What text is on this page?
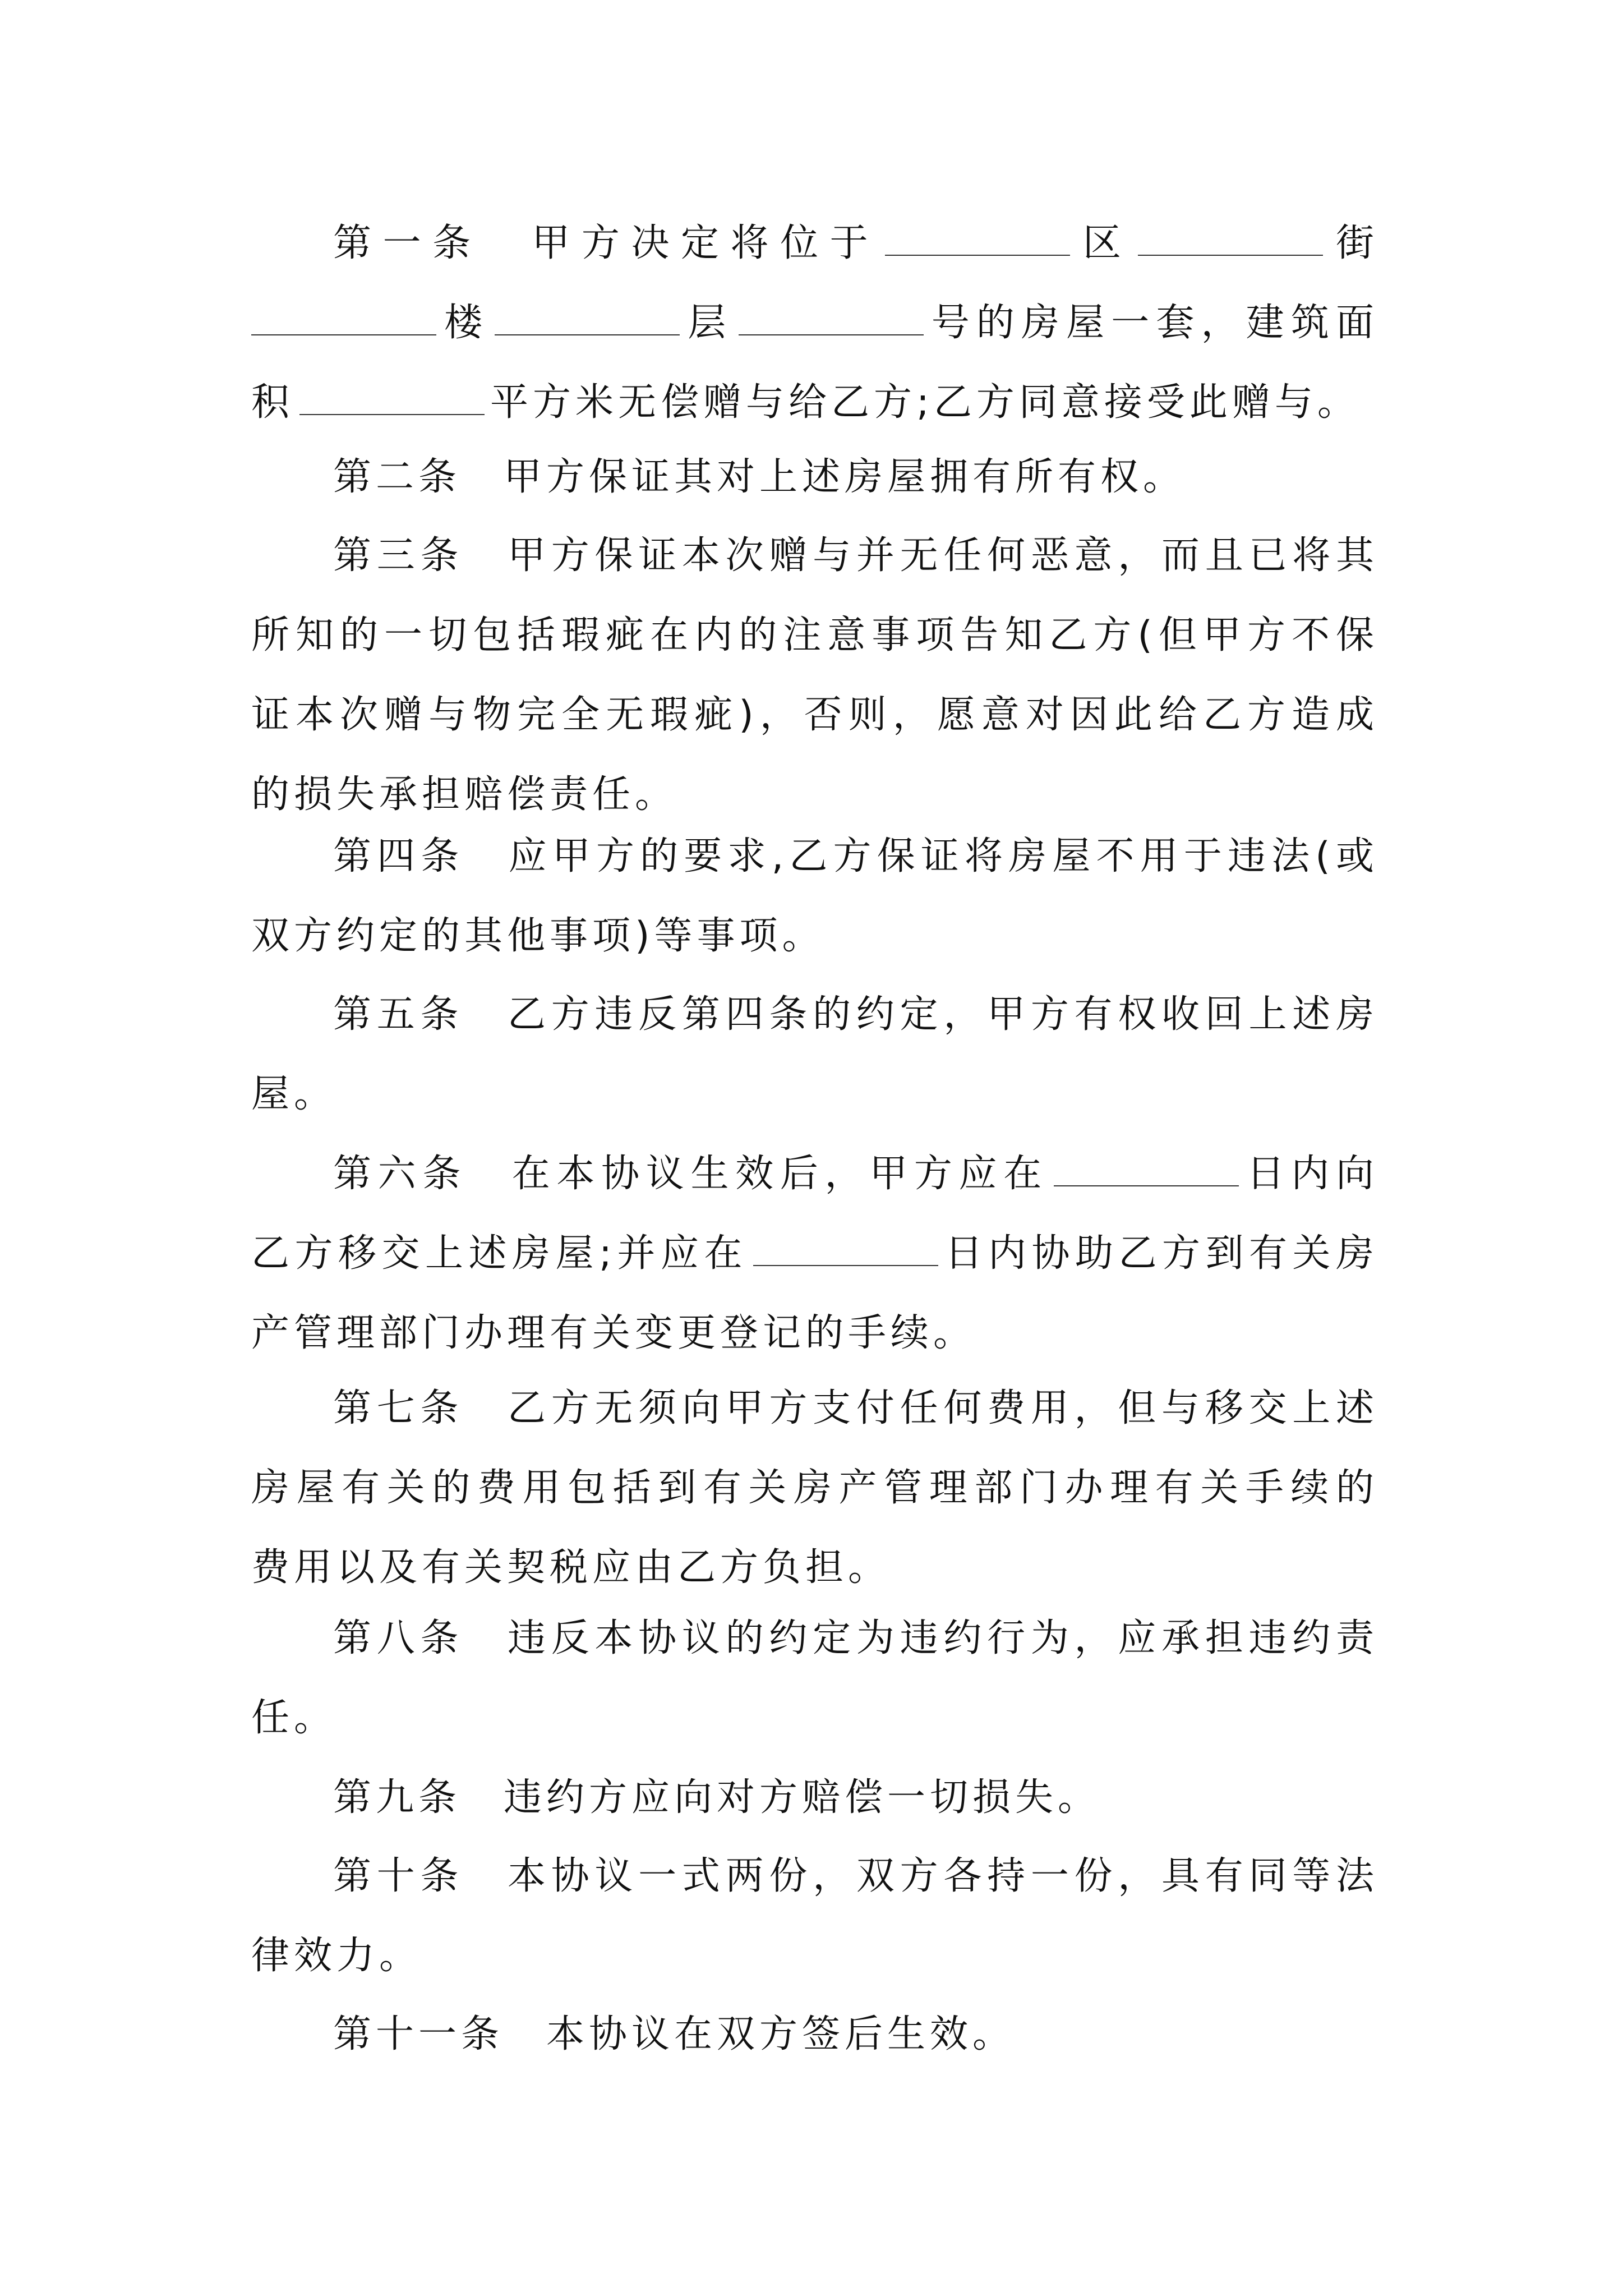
第一条　甲方决定将位于	区	街
楼	层	号的房屋一套，建筑面
积	平方米无偿赠与给乙方;乙方同意接受此赠与。
第二条　甲方保证其对上述房屋拥有所有权。
第三条　甲方保证本次赠与并无任何恶意，而且已将其
所知的一切包括瑕疵在内的注意事项告知乙方(但甲方不保
证本次赠与物完全无瑕疵)，否则，愿意对因此给乙方造成
的损失承担赔偿责任。
第四条　应甲方的要求,乙方保证将房屋不用于违法(或
双方约定的其他事项)等事项。
第五条　乙方违反第四条的约定，甲方有权收回上述房
屋。
第六条　在本协议生效后，甲方应在	日内向
乙方移交上述房屋;并应在	日内协助乙方到有关房
产管理部门办理有关变更登记的手续。
第七条　乙方无须向甲方支付任何费用，但与移交上述
房屋有关的费用包括到有关房产管理部门办理有关手续的
费用以及有关契税应由乙方负担。
第八条　违反本协议的约定为违约行为，应承担违约责
任。
第九条　违约方应向对方赔偿一切损失。
第十条　本协议一式两份，双方各持一份，具有同等法
律效力。
第十一条　本协议在双方签后生效。
